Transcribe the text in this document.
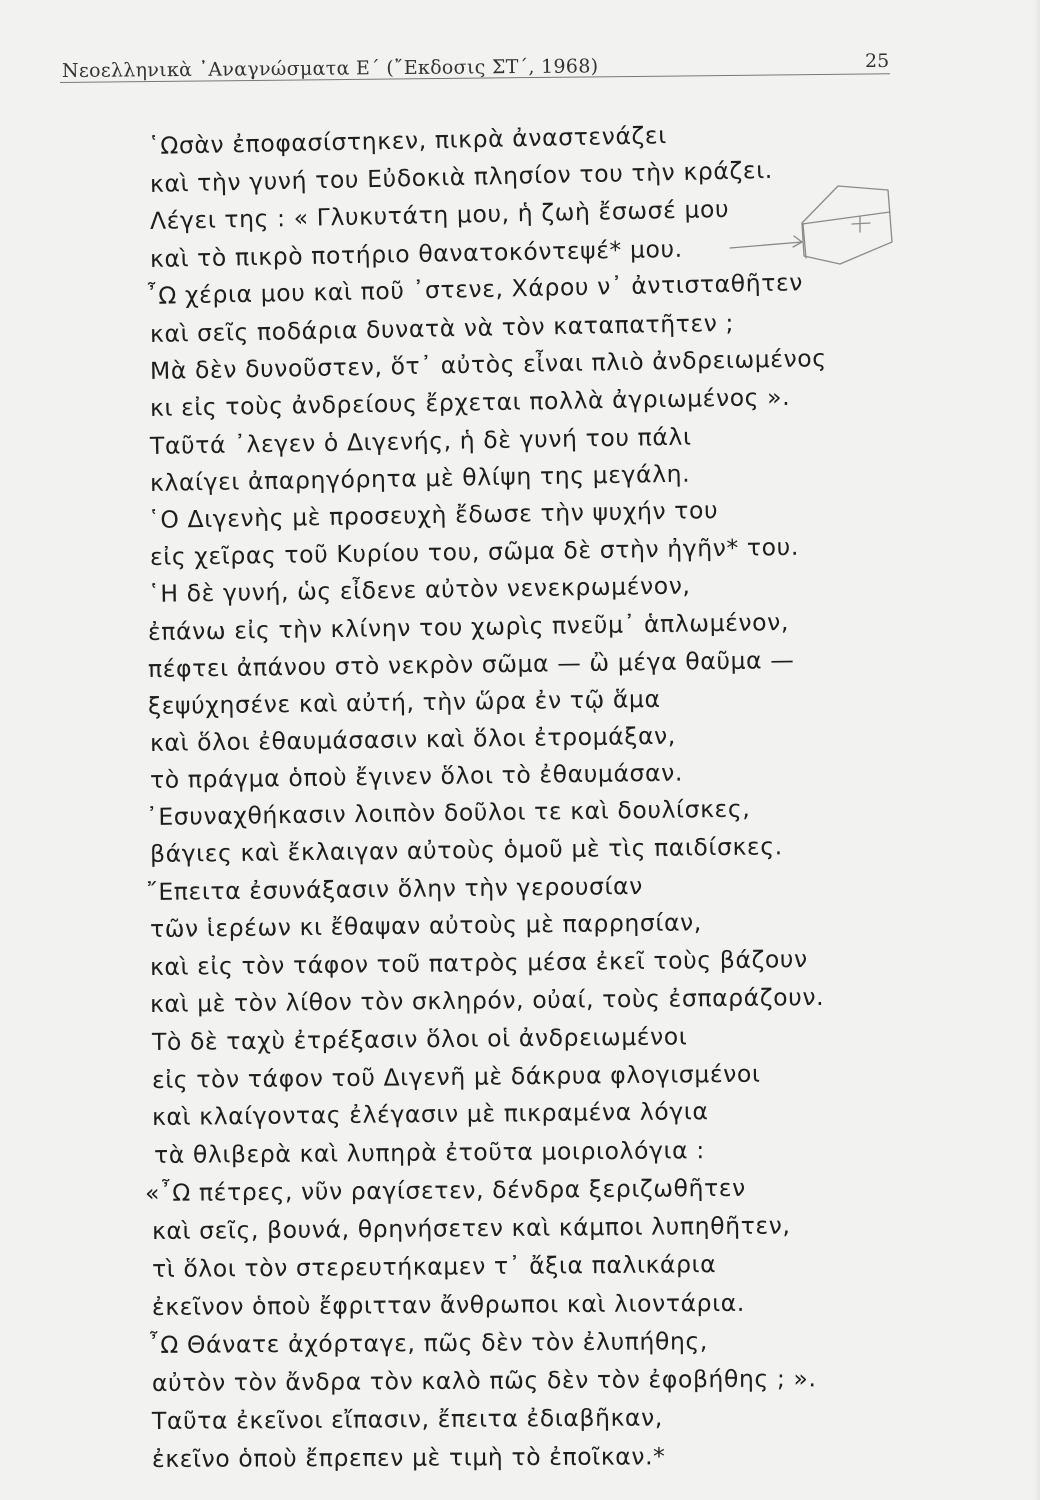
Νεοελληνικὰ ᾿Αναγνώσματα Ε΄ (῎Εκδοσις ΣΤ΄, 1968)	25
῾Ωσὰν ἐποφασίστηκεν, πικρὰ ἀναστενάζει
καὶ τὴν γυνή του Εὐδοκιὰ πλησίον του τὴν κράζει.
Λέγει της : « Γλυκυτάτη μου, ἡ ζωὴ ἔσωσέ μου
καὶ τὸ πικρὸ ποτήριο θανατοκόντεψέ* μου.
῏Ω χέρια μου καὶ ποῦ ᾿στενε, Χάρου ν᾿ ἀντισταθῆτεν
καὶ σεῖς ποδάρια δυνατὰ νὰ τὸν καταπατῆτεν ;
Μὰ δὲν δυνοῦστεν, ὅτ᾿ αὐτὸς εἶναι πλιὸ ἀνδρειωμένος
κι εἰς τοὺς ἀνδρείους ἔρχεται πολλὰ ἀγριωμένος ».
Ταῦτά ᾿λεγεν ὁ Διγενής, ἡ δὲ γυνή του πάλι
κλαίγει ἀπαρηγόρητα μὲ θλίψη της μεγάλη.
῾Ο Διγενὴς μὲ προσευχὴ ἔδωσε τὴν ψυχήν του
εἰς χεῖρας τοῦ Κυρίου του, σῶμα δὲ στὴν ἠγῆν* του.
῾Η δὲ γυνή, ὡς εἶδενε αὐτὸν νενεκρωμένον,
ἐπάνω εἰς τὴν κλίνην του χωρὶς πνεῦμ᾿ ἁπλωμένον,
πέφτει ἀπάνου στὸ νεκρὸν σῶμα — ὢ μέγα θαῦμα —
ξεψύχησένε καὶ αὐτή, τὴν ὥρα ἐν τῷ ἅμα
καὶ ὅλοι ἐθαυμάσασιν καὶ ὅλοι ἐτρομάξαν,
τὸ πράγμα ὁποὺ ἔγινεν ὅλοι τὸ ἐθαυμάσαν.
᾿Εσυναχθήκασιν λοιπὸν δοῦλοι τε καὶ δουλίσκες,
βάγιες καὶ ἔκλαιγαν αὐτοὺς ὁμοῦ μὲ τὶς παιδίσκες.
῎Επειτα ἐσυνάξασιν ὅλην τὴν γερουσίαν
τῶν ἱερέων κι ἔθαψαν αὐτοὺς μὲ παρρησίαν,
καὶ εἰς τὸν τάφον τοῦ πατρὸς μέσα ἐκεῖ τοὺς βάζουν
καὶ μὲ τὸν λίθον τὸν σκληρόν, οὐαί, τοὺς ἐσπαράζουν.
Τὸ δὲ ταχὺ ἐτρέξασιν ὅλοι οἱ ἀνδρειωμένοι
εἰς τὸν τάφον τοῦ Διγενῆ μὲ δάκρυα φλογισμένοι
καὶ κλαίγοντας ἐλέγασιν μὲ πικραμένα λόγια
τὰ θλιβερὰ καὶ λυπηρὰ ἐτοῦτα μοιριολόγια :
«῏Ω πέτρες, νῦν ραγίσετεν, δένδρα ξεριζωθῆτεν
καὶ σεῖς, βουνά, θρηνήσετεν καὶ κάμποι λυπηθῆτεν,
τὶ ὅλοι τὸν στερευτήκαμεν τ᾿ ἄξια παλικάρια
ἐκεῖνον ὁποὺ ἔφριτταν ἄνθρωποι καὶ λιοντάρια.
῏Ω Θάνατε ἀχόρταγε, πῶς δὲν τὸν ἐλυπήθης,
αὐτὸν τὸν ἄνδρα τὸν καλὸ πῶς δὲν τὸν ἐφοβήθης ; ».
Ταῦτα ἐκεῖνοι εἴπασιν, ἔπειτα ἐδιαβῆκαν,
ἐκεῖνο ὁποὺ ἔπρεπεν μὲ τιμὴ τὸ ἐποῖκαν.*
